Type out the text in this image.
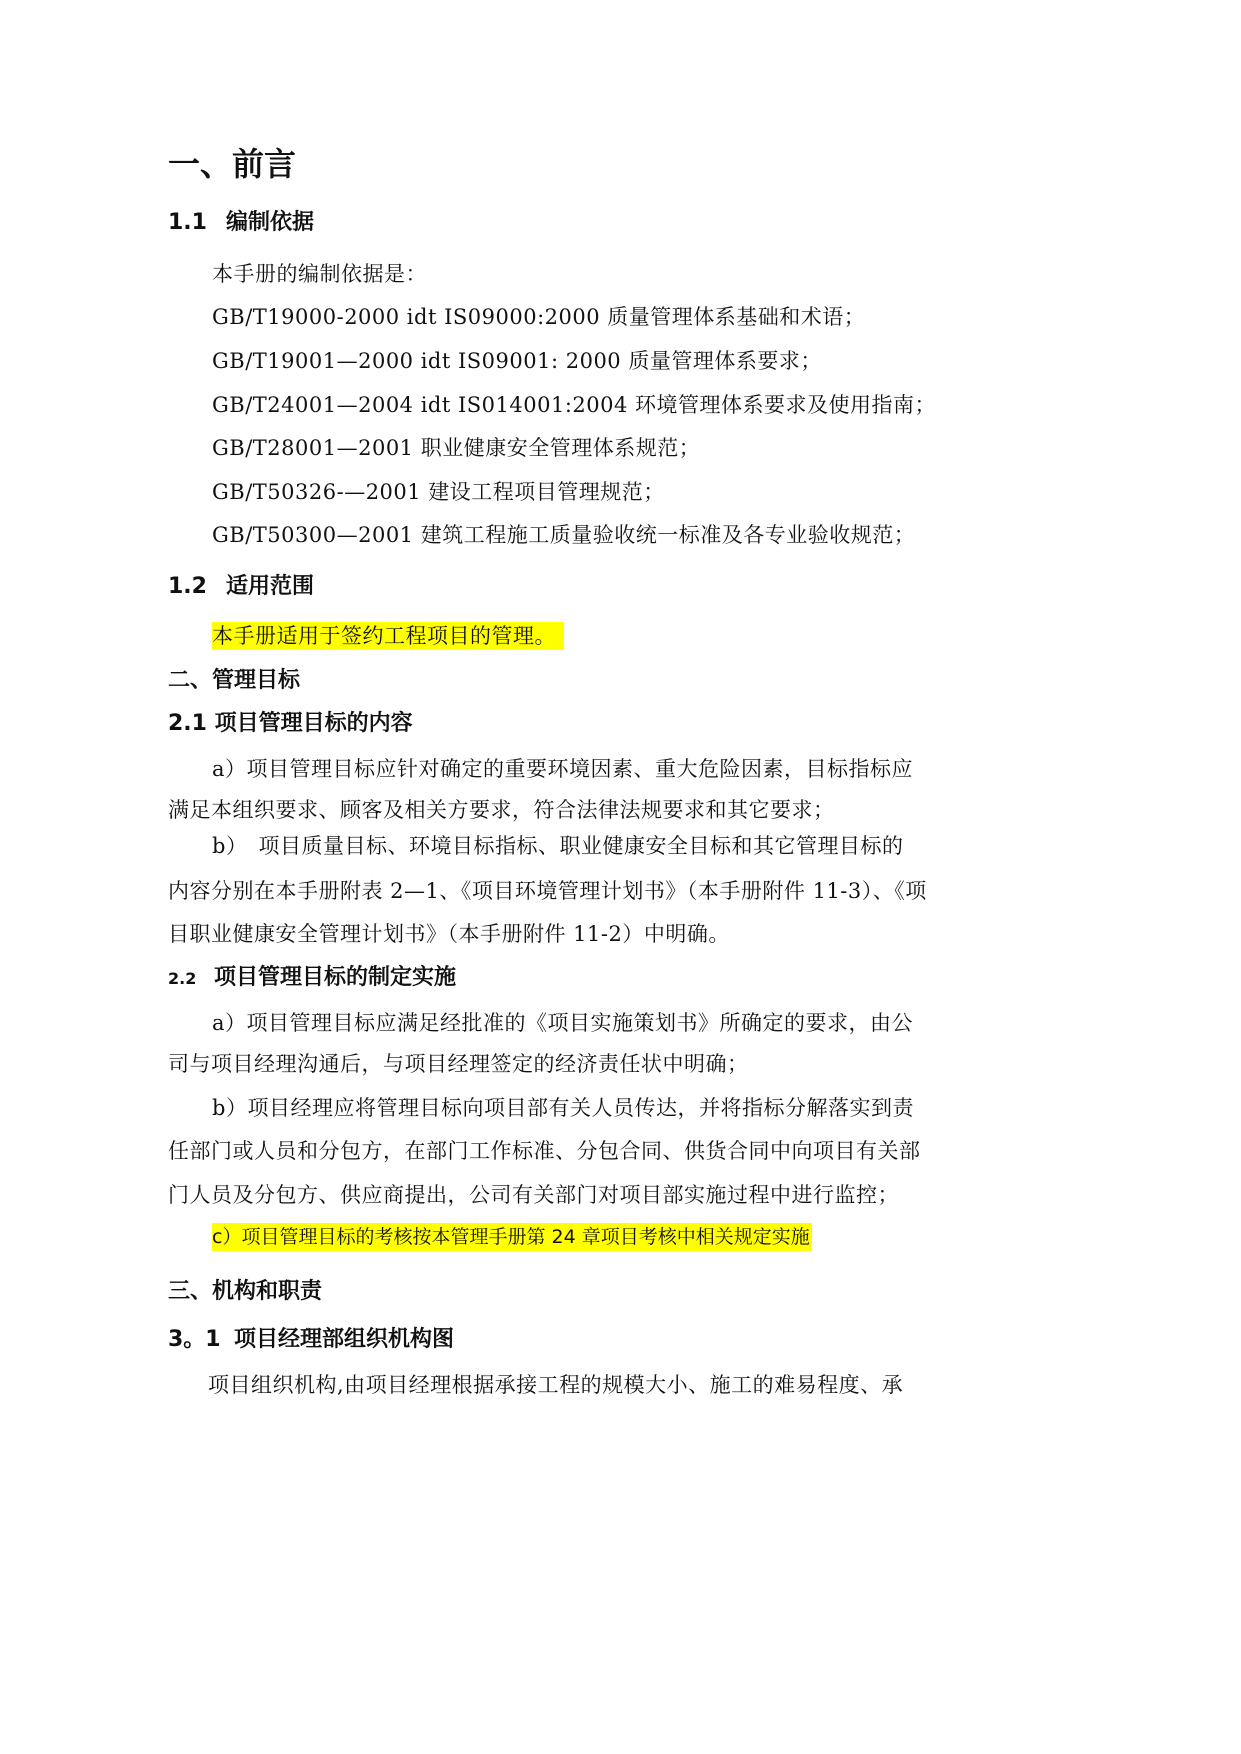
一、前言
1.1 编制依据
本手册的编制依据是：
GB/T19000-2000 idt IS09000:2000 质量管理体系基础和术语；
GB/T19001—2000 idt IS09001: 2000 质量管理体系要求；
GB/T24001—2004 idt IS014001:2004 环境管理体系要求及使用指南；
GB/T28001—2001 职业健康安全管理体系规范；
GB/T50326-—2001 建设工程项目管理规范；
GB/T50300—2001 建筑工程施工质量验收统一标准及各专业验收规范；
1.2 适用范围
本手册适用于签约工程项目的管理。
二、管理目标
2.1 项目管理目标的内容
a）项目管理目标应针对确定的重要环境因素、重大危险因素，目标指标应
满足本组织要求、顾客及相关方要求，符合法律法规要求和其它要求；
b）　项目质量目标、环境目标指标、职业健康安全目标和其它管理目标的
内容分别在本手册附表 2—1、《项目环境管理计划书》（本手册附件 11-3）、《项
目职业健康安全管理计划书》（本手册附件 11-2）中明确。
2.2 项目管理目标的制定实施
a）项目管理目标应满足经批准的《项目实施策划书》所确定的要求，由公
司与项目经理沟通后，与项目经理签定的经济责任状中明确；
b）项目经理应将管理目标向项目部有关人员传达，并将指标分解落实到责
任部门或人员和分包方，在部门工作标准、分包合同、供货合同中向项目有关部
门人员及分包方、供应商提出，公司有关部门对项目部实施过程中进行监控；
c）项目管理目标的考核按本管理手册第 24 章项目考核中相关规定实施
三、机构和职责
3。1 项目经理部组织机构图
项目组织机构,由项目经理根据承接工程的规模大小、施工的难易程度、承
